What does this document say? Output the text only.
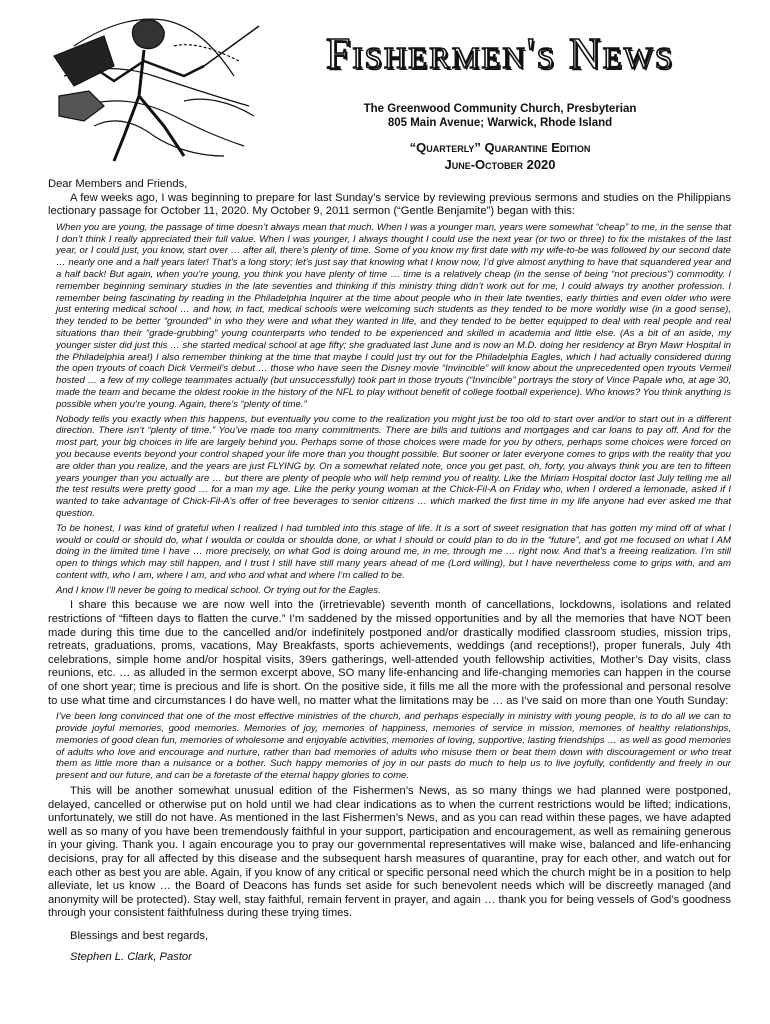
Fishermen's News
The Greenwood Community Church, Presbyterian
805 Main Avenue; Warwick, Rhode Island
“Quarterly” Quarantine Edition
June-October 2020

Dear Members and Friends,

A few weeks ago, I was beginning to prepare for last Sunday’s service by reviewing previous sermons and studies on the Philippians lectionary passage for October 11, 2020. My October 9, 2011 sermon (“Gentle Benjamite”) began with this:

When you are young, the passage of time doesn’t always mean that much. When I was a younger man, years were somewhat “cheap” to me, in the sense that I don’t think I really appreciated their full value. When I was younger, I always thought I could use the next year (or two or three) to fix the mistakes of the last year, or I could just, you know, start over … after all, there’s plenty of time. Some of you know my first date with my wife-to-be was followed by our second date … nearly one and a half years later! That’s a long story; let’s just say that knowing what I know now, I’d give almost anything to have that squandered year and a half back! But again, when you’re young, you think you have plenty of time … time is a relatively cheap (in the sense of being “not precious”) commodity. I remember beginning seminary studies in the late seventies and thinking if this ministry thing didn’t work out for me, I could always try another profession. I remember being fascinating by reading in the Philadelphia Inquirer at the time about people who in their late twenties, early thirties and even older who were just entering medical school … and how, in fact, medical schools were welcoming such students as they tended to be more worldly wise (in a good sense), they tended to be better “grounded” in who they were and what they wanted in life, and they tended to be better equipped to deal with real people and real situations than their “grade-grubbing” young counterparts who tended to be experienced and skilled in academia and little else. (As a bit of an aside, my younger sister did just this … she started medical school at age fifty; she graduated last June and is now an M.D. doing her residency at Bryn Mawr Hospital in the Philadelphia area!) I also remember thinking at the time that maybe I could just try out for the Philadelphia Eagles, which I had actually considered during the open tryouts of coach Dick Vermeil’s debut … those who have seen the Disney movie “Invincible” will know about the unprecedented open tryouts Vermeil hosted … a few of my college teammates actually (but unsuccessfully) took part in those tryouts (“Invincible” portrays the story of Vince Papale who, at age 30, made the team and became the oldest rookie in the history of the NFL to play without benefit of college football experience). Who knows? You think anything is possible when you’re young. Again, there’s “plenty of time.”

Nobody tells you exactly when this happens, but eventually you come to the realization you might just be too old to start over and/or to start out in a different direction. There isn’t “plenty of time.” You’ve made too many commitments. There are bills and tuitions and mortgages and car loans to pay off. And for the most part, your big choices in life are largely behind you. Perhaps some of those choices were made for you by others, perhaps some choices were forced on you because events beyond your control shaped your life more than you thought possible. But sooner or later everyone comes to grips with the reality that you are older than you realize, and the years are just FLYING by. On a somewhat related note, once you get past, oh, forty, you always think you are ten to fifteen years younger than you actually are … but there are plenty of people who will help remind you of reality. Like the Miriam Hospital doctor last July telling me all the test results were pretty good … for a man my age. Like the perky young woman at the Chick-Fil-A on Friday who, when I ordered a lemonade, asked if I wanted to take advantage of Chick-Fil-A’s offer of free beverages to senior citizens … which marked the first time in my life anyone had ever asked me that question.

To be honest, I was kind of grateful when I realized I had tumbled into this stage of life. It is a sort of sweet resignation that has gotten my mind off of what I would or could or should do, what I woulda or coulda or shoulda done, or what I should or could plan to do in the “future”, and got me focused on what I AM doing in the limited time I have … more precisely, on what God is doing around me, in me, through me … right now. And that’s a freeing realization. I’m still open to things which may still happen, and I trust I still have still many years ahead of me (Lord willing), but I have nevertheless come to grips with, and am content with, who I am, where I am, and who and what and where I’m called to be.

And I know I’ll never be going to medical school. Or trying out for the Eagles.

I share this because we are now well into the (irretrievable) seventh month of cancellations, lockdowns, isolations and related restrictions of “fifteen days to flatten the curve.” I’m saddened by the missed opportunities and by all the memories that have NOT been made during this time due to the cancelled and/or indefinitely postponed and/or drastically modified classroom studies, mission trips, retreats, graduations, proms, vacations, May Breakfasts, sports achievements, weddings (and receptions!), proper funerals, July 4th celebrations, simple home and/or hospital visits, 39ers gatherings, well-attended youth fellowship activities, Mother’s Day visits, class reunions, etc. … as alluded in the sermon excerpt above, SO many life-enhancing and life-changing memories can happen in the course of one short year; time is precious and life is short. On the positive side, it fills me all the more with the professional and personal resolve to use what time and circumstances I do have well, no matter what the limitations may be … as I’ve said on more than one Youth Sunday:

I’ve been long convinced that one of the most effective ministries of the church, and perhaps especially in ministry with young people, is to do all we can to provide joyful memories, good memories. Memories of joy, memories of happiness, memories of service in mission, memories of healthy relationships, memories of good clean fun, memories of wholesome and enjoyable activities, memories of loving, supportive, lasting friendships … as well as good memories of adults who love and encourage and nurture, rather than bad memories of adults who misuse them or beat them down with discouragement or who treat them as little more than a nuisance or a bother. Such happy memories of joy in our pasts do much to help us to live joyfully, confidently and freely in our present and our future, and can be a foretaste of the eternal happy glories to come.

This will be another somewhat unusual edition of the Fishermen’s News, as so many things we had planned were postponed, delayed, cancelled or otherwise put on hold until we had clear indications as to when the current restrictions would be lifted; indications, unfortunately, we still do not have. As mentioned in the last Fishermen’s News, and as you can read within these pages, we have adapted well as so many of you have been tremendously faithful in your support, participation and encouragement, as well as remaining generous in your giving. Thank you. I again encourage you to pray our governmental representatives will make wise, balanced and life-enhancing decisions, pray for all affected by this disease and the subsequent harsh measures of quarantine, pray for each other, and watch out for each other as best you are able. Again, if you know of any critical or specific personal need which the church might be in a position to help alleviate, let us know … the Board of Deacons has funds set aside for such benevolent needs which will be discreetly managed (and anonymity will be protected). Stay well, stay faithful, remain fervent in prayer, and again … thank you for being vessels of God’s goodness through your consistent faithfulness during these trying times.

Blessings and best regards,

Stephen L. Clark, Pastor
